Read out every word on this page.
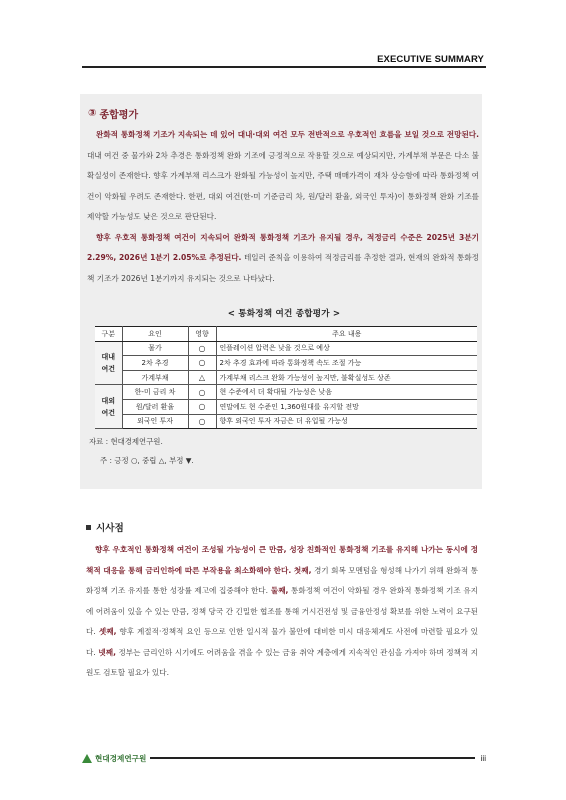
EXECUTIVE SUMMARY
③ 종합평가

완화적 통화정책 기조가 지속되는 데 있어 대내·대외 여건 모두 전반적으로 우호적인 흐름을 보일 것으로 전망된다. 대내 여건 중 물가와 2차 추경은 통화정책 완화 기조에 긍정적으로 작용할 것으로 예상되지만, 가계부채 부문은 다소 불확실성이 존재한다. 향후 가계부채 리스크가 완화될 가능성이 높지만, 주택 매매가격이 재차 상승함에 따라 통화정책 여건이 악화될 우려도 존재한다. 한편, 대외 여건(한-미 기준금리 차, 원/달러 환율, 외국인 투자)이 통화정책 완화 기조를 제약할 가능성도 낮은 것으로 판단된다.

향후 우호적 통화정책 여건이 지속되어 완화적 통화정책 기조가 유지될 경우, 적정금리 수준은 2025년 3분기 2.29%, 2026년 1분기 2.05%로 추정된다. 테일러 준칙을 이용하여 적정금리를 추정한 결과, 현재의 완화적 통화정책 기조가 2026년 1분기까지 유지되는 것으로 나타났다.

< 통화정책 여건 종합평가 >
구분	요인	영향	주요 내용
대내
여건	물가	○	인플레이션 압력은 낮을 것으로 예상
	2차 추경	○	2차 추경 효과에 따라 통화정책 속도 조절 가능
	가계부채	△	가계부채 리스크 완화 가능성이 높지만, 불확실성도 상존
대외
여건	한-미 금리 차	○	현 수준에서 더 확대될 가능성은 낮음
	원/달러 환율	○	연말에도 현 수준인 1,360원대를 유지할 전망
	외국인 투자	○	향후 외국인 투자 자금은 더 유입될 가능성
자료 : 현대경제연구원.
주 : 긍정 ○, 중립 △, 부정 ▼.
시사점

향후 우호적인 통화정책 여건이 조성될 가능성이 큰 만큼, 성장 친화적인 통화정책 기조를 유지해 나가는 동시에 정책적 대응을 통해 금리인하에 따른 부작용을 최소화해야 한다. 첫째, 경기 회복 모멘텀을 형성해 나가기 위해 완화적 통화정책 기조 유지를 통한 성장률 제고에 집중해야 한다. 둘째, 통화정책 여건이 악화될 경우 완화적 통화정책 기조 유지에 어려움이 있을 수 있는 만큼, 정책 당국 간 긴밀한 협조를 통해 거시건전성 및 금융안정성 확보를 위한 노력이 요구된다. 셋째, 향후 계절적·정책적 요인 등으로 인한 일시적 물가 불안에 대비한 미시 대응체계도 사전에 마련할 필요가 있다. 넷째, 정부는 금리인하 시기에도 어려움을 겪을 수 있는 금융 취약 계층에게 지속적인 관심을 가져야 하며 정책적 지원도 검토할 필요가 있다.

현대경제연구원	iii
